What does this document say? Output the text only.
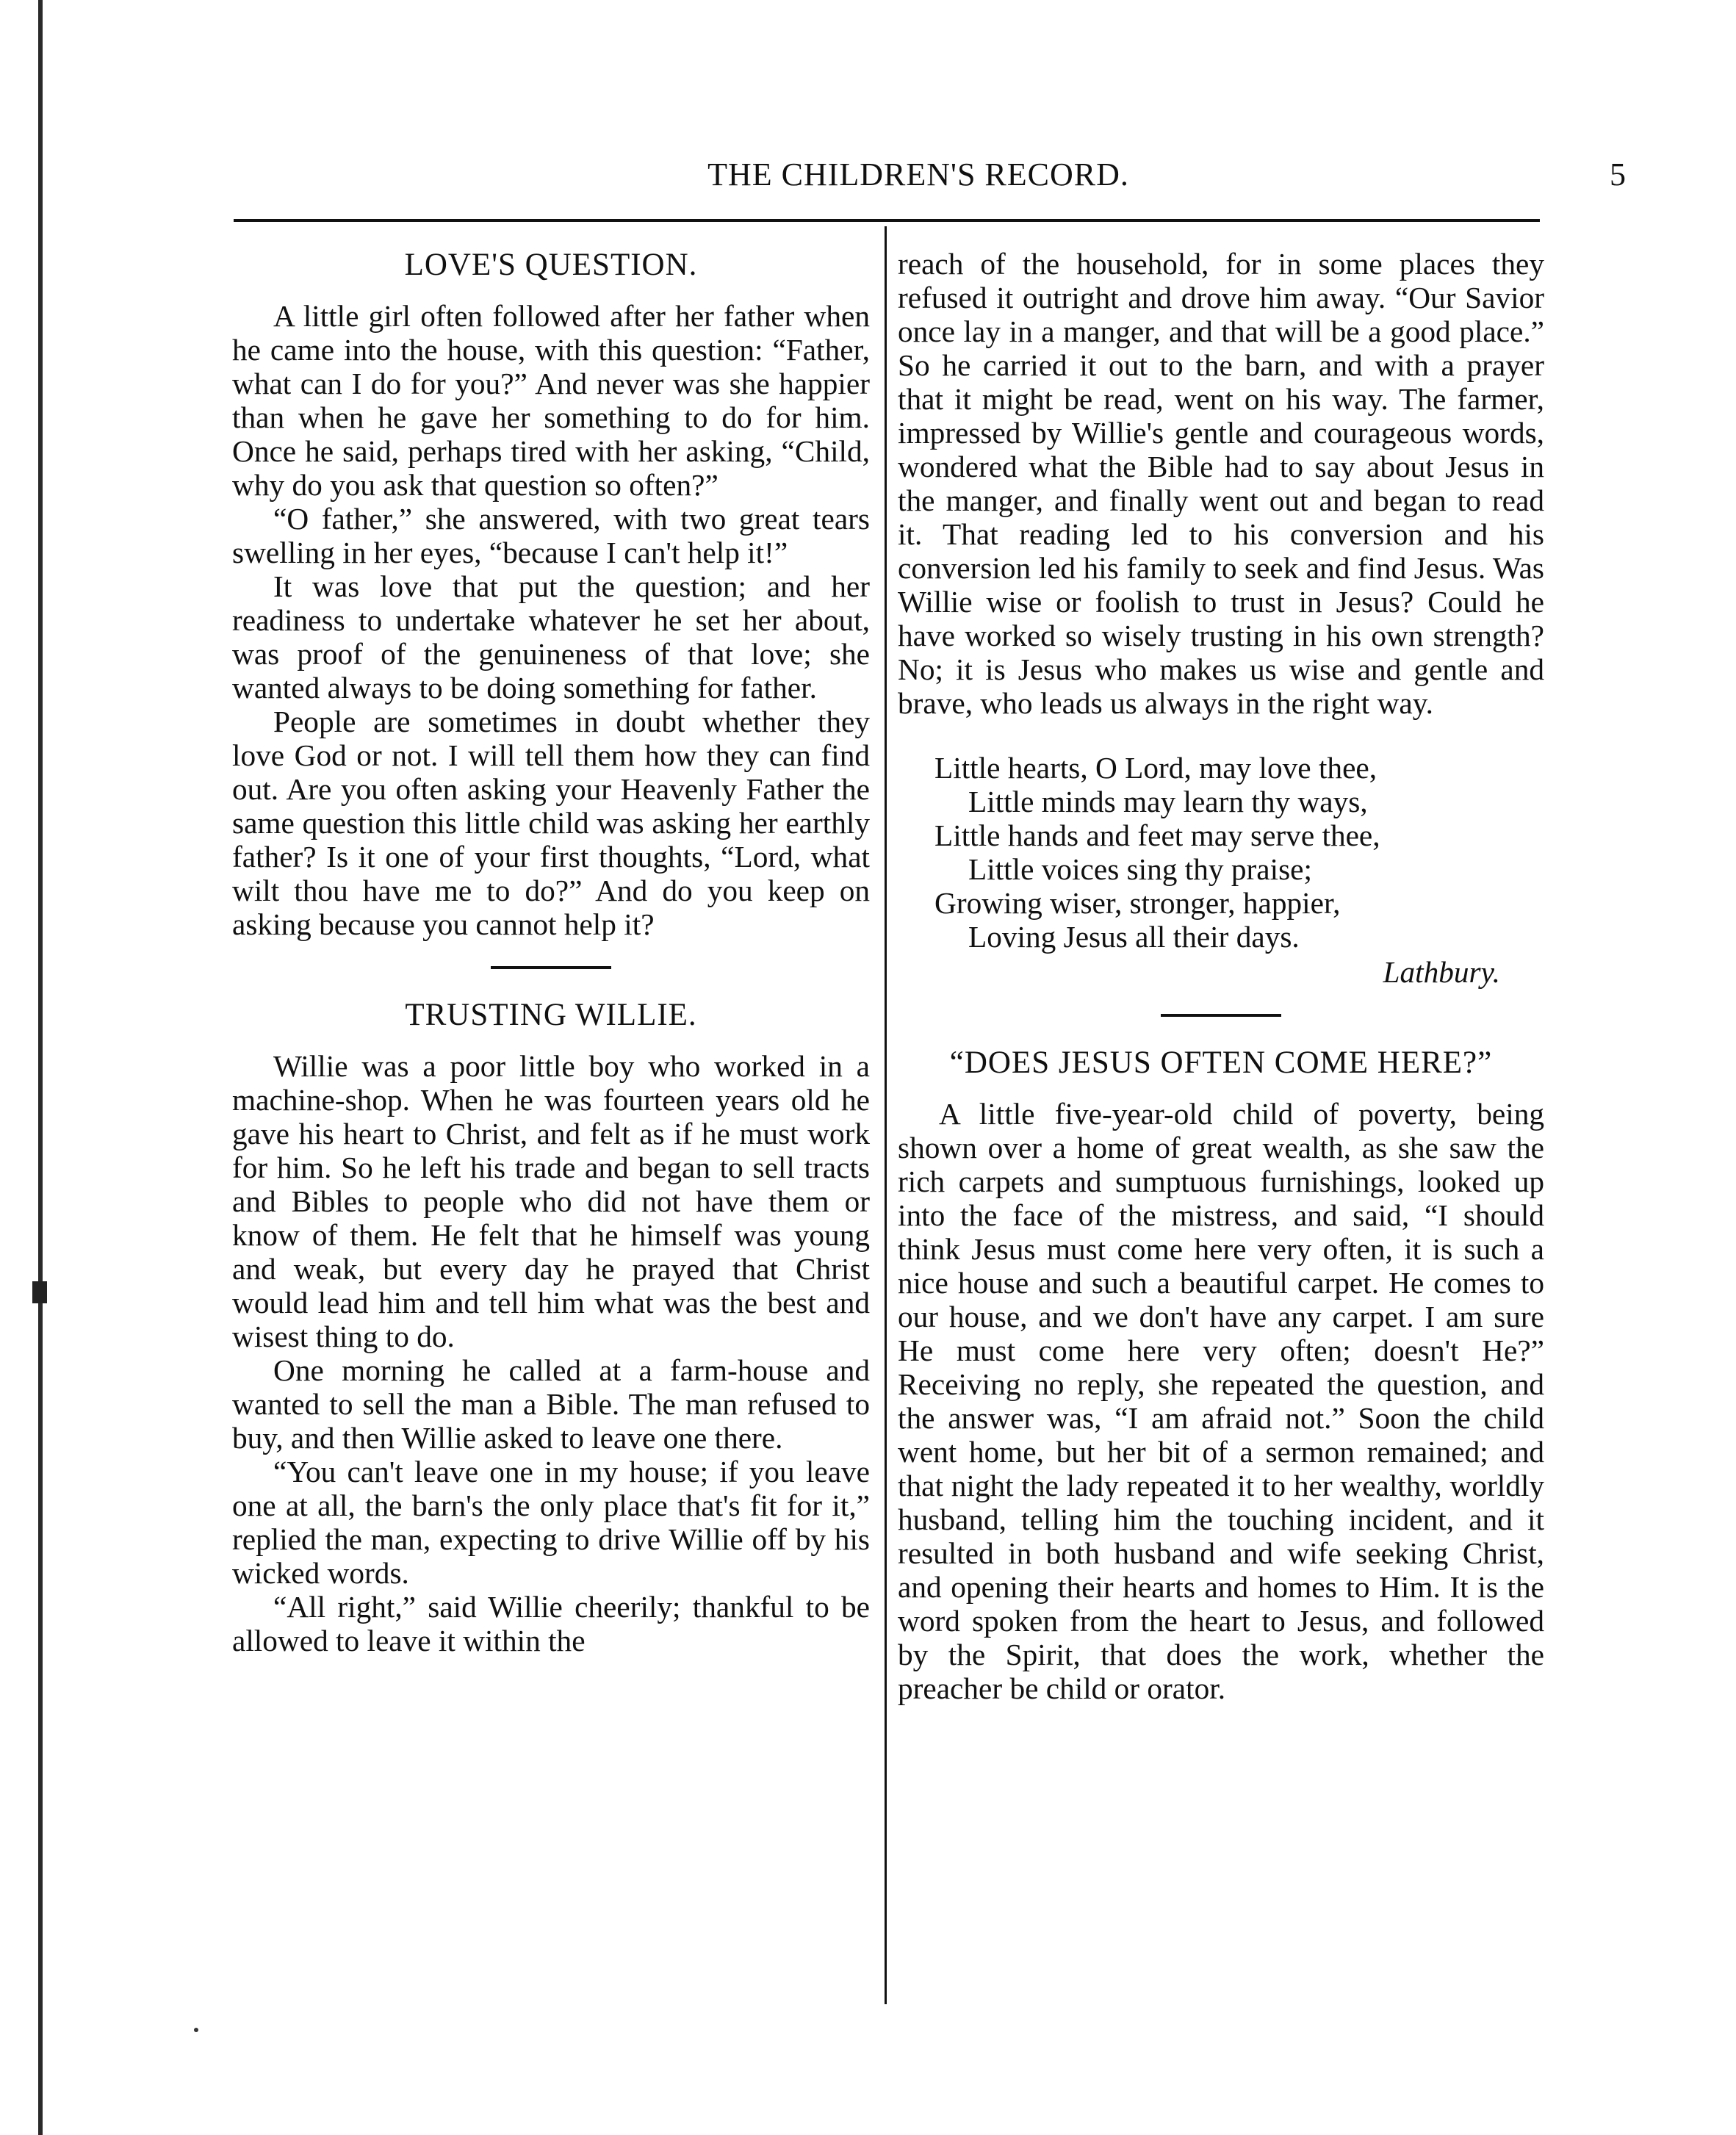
THE CHILDREN'S RECORD.	5
LOVE'S QUESTION.

A little girl often followed after her father when he came into the house, with this question: “Father, what can I do for you?” And never was she happier than when he gave her something to do for him. Once he said, perhaps tired with her asking, “Child, why do you ask that question so often?”

“O father,” she answered, with two great tears swelling in her eyes, “because I can't help it!”

It was love that put the question; and her readiness to undertake whatever he set her about, was proof of the genuineness of that love; she wanted always to be doing something for father.

People are sometimes in doubt whether they love God or not. I will tell them how they can find out. Are you often asking your Heavenly Father the same question this little child was asking her earthly father? Is it one of your first thoughts, “Lord, what wilt thou have me to do?” And do you keep on asking because you cannot help it?

TRUSTING WILLIE.

Willie was a poor little boy who worked in a machine-shop. When he was fourteen years old he gave his heart to Christ, and felt as if he must work for him. So he left his trade and began to sell tracts and Bibles to people who did not have them or know of them. He felt that he himself was young and weak, but every day he prayed that Christ would lead him and tell him what was the best and wisest thing to do.

One morning he called at a farm-house and wanted to sell the man a Bible. The man refused to buy, and then Willie asked to leave one there.

“You can't leave one in my house; if you leave one at all, the barn's the only place that's fit for it,” replied the man, expecting to drive Willie off by his wicked words.

“All right,” said Willie cheerily; thankful to be allowed to leave it within the

reach of the household, for in some places they refused it outright and drove him away. “Our Savior once lay in a manger, and that will be a good place.” So he carried it out to the barn, and with a prayer that it might be read, went on his way. The farmer, impressed by Willie's gentle and courageous words, wondered what the Bible had to say about Jesus in the manger, and finally went out and began to read it. That reading led to his conversion and his conversion led his family to seek and find Jesus. Was Willie wise or foolish to trust in Jesus? Could he have worked so wisely trusting in his own strength? No; it is Jesus who makes us wise and gentle and brave, who leads us always in the right way.

Little hearts, O Lord, may love thee,
Little minds may learn thy ways,
Little hands and feet may serve thee,
Little voices sing thy praise;
Growing wiser, stronger, happier,
Loving Jesus all their days.
Lathbury.
“DOES JESUS OFTEN COME HERE?”

A little five-year-old child of poverty, being shown over a home of great wealth, as she saw the rich carpets and sumptuous furnishings, looked up into the face of the mistress, and said, “I should think Jesus must come here very often, it is such a nice house and such a beautiful carpet. He comes to our house, and we don't have any carpet. I am sure He must come here very often; doesn't He?” Receiving no reply, she repeated the question, and the answer was, “I am afraid not.” Soon the child went home, but her bit of a sermon remained; and that night the lady repeated it to her wealthy, worldly husband, telling him the touching incident, and it resulted in both husband and wife seeking Christ, and opening their hearts and homes to Him. It is the word spoken from the heart to Jesus, and followed by the Spirit, that does the work, whether the preacher be child or orator.
